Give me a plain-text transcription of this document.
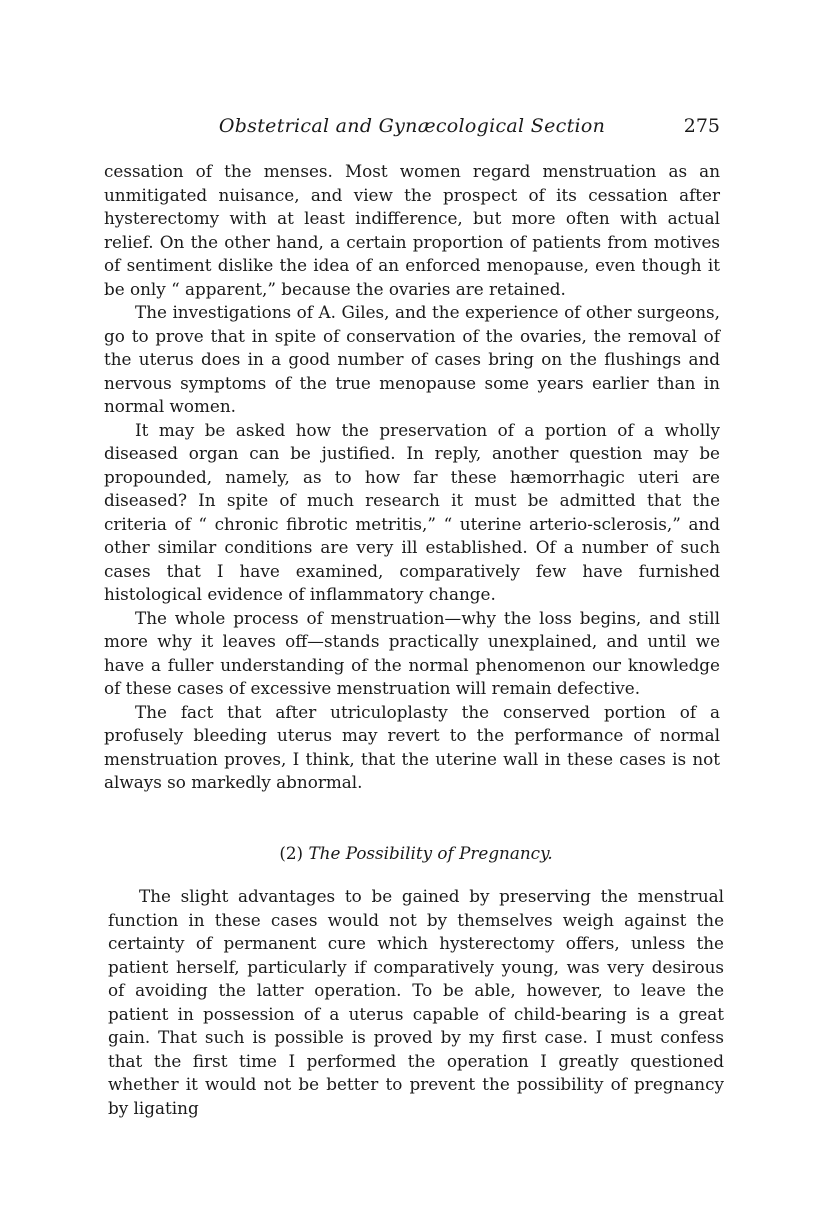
Obstetrical and Gynæcological Section	275

cessation of the menses. Most women regard menstruation as an unmitigated nuisance, and view the prospect of its cessation after hysterectomy with at least indifference, but more often with actual relief. On the other hand, a certain proportion of patients from motives of sentiment dislike the idea of an enforced menopause, even though it be only “ apparent,” because the ovaries are retained.

The investigations of A. Giles, and the experience of other surgeons, go to prove that in spite of conservation of the ovaries, the removal of the uterus does in a good number of cases bring on the flushings and nervous symptoms of the true menopause some years earlier than in normal women.

It may be asked how the preservation of a portion of a wholly diseased organ can be justified. In reply, another question may be propounded, namely, as to how far these hæmorrhagic uteri are diseased? In spite of much research it must be admitted that the criteria of “ chronic fibrotic metritis,” “ uterine arterio-sclerosis,” and other similar conditions are very ill established. Of a number of such cases that I have examined, comparatively few have furnished histological evidence of inflammatory change.

The whole process of menstruation—why the loss begins, and still more why it leaves off—stands practically unexplained, and until we have a fuller understanding of the normal phenomenon our knowledge of these cases of excessive menstruation will remain defective.

The fact that after utriculoplasty the conserved portion of a profusely bleeding uterus may revert to the performance of normal menstruation proves, I think, that the uterine wall in these cases is not always so markedly abnormal.

(2) The Possibility of Pregnancy.

The slight advantages to be gained by preserving the menstrual function in these cases would not by themselves weigh against the certainty of permanent cure which hysterectomy offers, unless the patient herself, particularly if comparatively young, was very desirous of avoiding the latter operation. To be able, however, to leave the patient in possession of a uterus capable of child-bearing is a great gain. That such is possible is proved by my first case. I must confess that the first time I performed the operation I greatly questioned whether it would not be better to prevent the possibility of pregnancy by ligating
